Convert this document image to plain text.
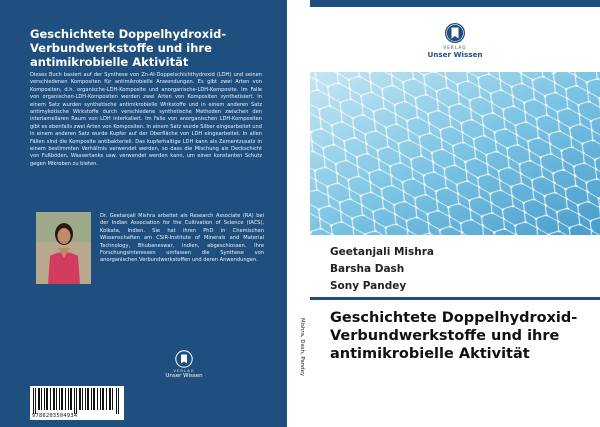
Geschichtete Doppelhydroxid-Verbundwerkstoffe und ihre antimikrobielle Aktivität

Dieses Buch basiert auf der Synthese von Zn-Al-Doppelschichthydroxid (LDH) und seinen verschiedenen Kompositen für antimikrobielle Anwendungen. Es gibt zwei Arten von Kompositen, d.h. organische-LDH-Komposite und anorganische-LDH-Komposite. Im Falle von organischen-LDH-Kompositen werden zwei Arten von Kompositen synthetisiert. In einem Satz wurden synthetische antimikrobielle Wirkstoffe und in einem anderen Satz antimykotische Wirkstoffe durch verschiedene synthetische Methoden zwischen den interlamellaren Raum von LDH interkaliert. Im Falle von anorganischen LDH-Kompositen gibt es ebenfalls zwei Arten von Kompositen. In einem Satz wurde Silber eingearbeitet und in einem anderen Satz wurde Kupfer auf der Oberfläche von LDH eingearbeitet. In allen Fällen sind die Komposite antibakteriell. Das kupferhaltige LDH kann als Zementzusatz in einem bestimmten Verhältnis verwendet werden, so dass die Mischung als Deckschicht von Fußböden, Wassertanks usw. verwendet werden kann, um einen konstanten Schutz gegen Mikroben zu bieten.

Dr. Geetanjali Mishra arbeitet als Research Associate (RA) bei der Indian Association for the Cultivation of Science (IACS), Kolkata, Indien. Sie hat ihren PhD in Chemischen Wissenschaften am CSIR-Institute of Minerals and Material Technology, Bhubaneswar, Indien, abgeschlossen. Ihre Forschungsinteressen umfassen die Synthese von anorganischen Verbundwerkstoffen und deren Anwendungen.

VERLAG
Unser Wissen
9786203504934
Mishra, Dash, Pandey
VERLAG
Unser Wissen
Geetanjali Mishra
Barsha Dash
Sony Pandey
Geschichtete Doppelhydroxid-Verbundwerkstoffe und ihre antimikrobielle Aktivität
